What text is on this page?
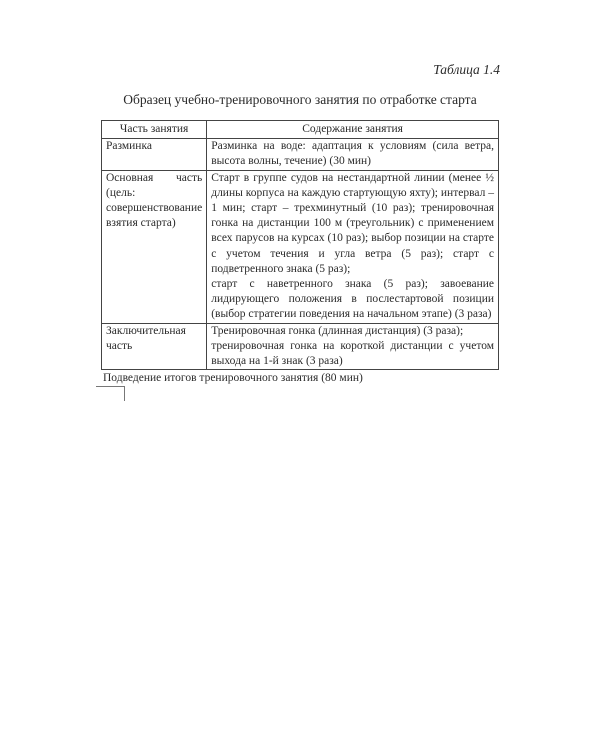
Таблица 1.4
Образец учебно-тренировочного занятия по отработке старта
Часть занятия	Содержание занятия

Разминка	Разминка на воде: адаптация к условиям (сила ветра, высота волны, течение) (30 мин)

Основная часть (цель: совершенствование взятия старта)	Старт в группе судов на нестандартной линии (менее ½ длины корпуса на каждую стартующую яхту); интервал – 1 мин; старт – трехминутный (10 раз); тренировочная гонка на дистанции 100 м (треугольник) с применением всех парусов на курсах (10 раз); выбор позиции на старте с учетом течения и угла ветра (5 раз); старт с подветренного знака (5 раз);
старт с наветренного знака (5 раз); завоевание лидирующего положения в послестартовой позиции (выбор стратегии поведения на начальном этапе) (3 раза)

Заключительная часть	Тренировочная гонка (длинная дистанция) (3 раза);
тренировочная гонка на короткой дистанции с учетом выхода на 1-й знак (3 раза)
Подведение итогов тренировочного занятия (80 мин)
